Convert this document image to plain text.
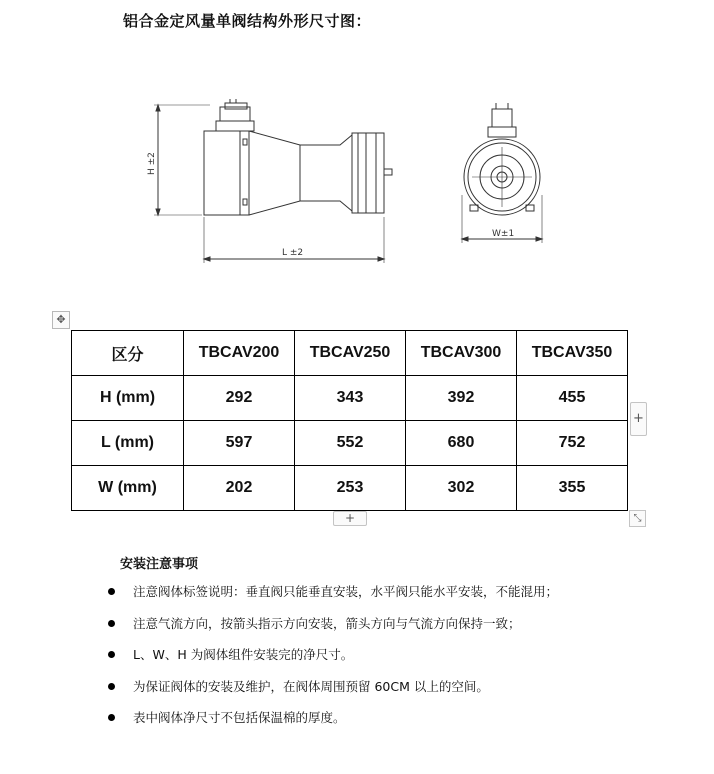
铝合金定风量单阀结构外形尺寸图：
H ±2
L ±2
W±1
✥
区分	TBCAV200	TBCAV250	TBCAV300	TBCAV350
H (mm)	292	343	392	455
L (mm)	597	552	680	752
W (mm)	202	253	302	355
+
+	⤡
安装注意事项
注意阀体标签说明：垂直阀只能垂直安装，水平阀只能水平安装，不能混用；
注意气流方向，按箭头指示方向安装，箭头方向与气流方向保持一致；
L、W、H 为阀体组件安装完的净尺寸。
为保证阀体的安装及维护，在阀体周围预留 60CM 以上的空间。
表中阀体净尺寸不包括保温棉的厚度。
